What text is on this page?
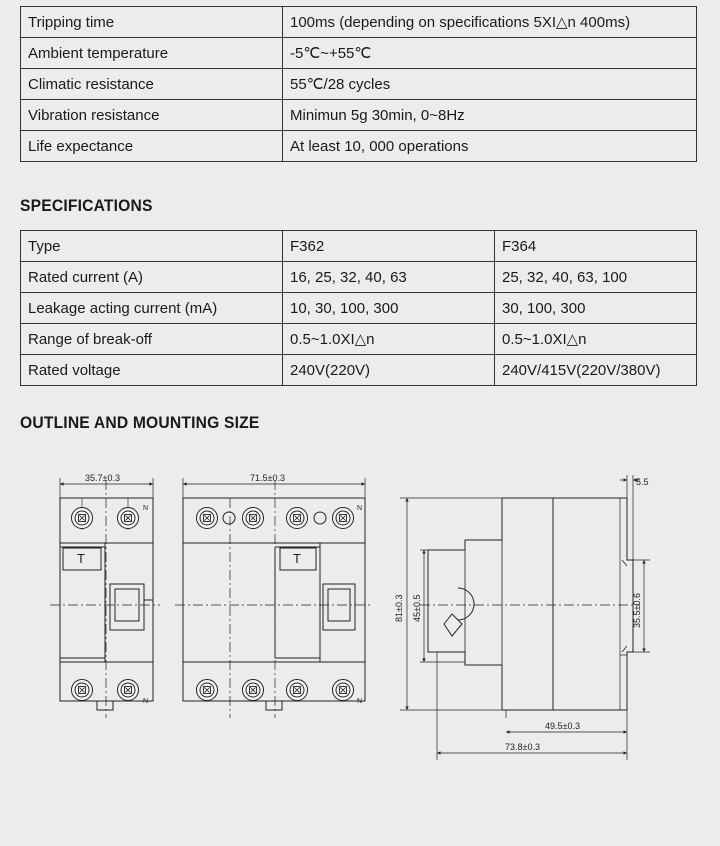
Tripping time	100ms (depending on specifications 5XI△n 400ms)
Ambient temperature	-5℃~+55℃
Climatic resistance	55℃/28 cycles
Vibration resistance	Minimun 5g 30min, 0~8Hz
Life expectance	At least 10, 000 operations
SPECIFICATIONS
Type	F362	F364
Rated current (A)	16, 25, 32, 40, 63	25, 32, 40, 63, 100
Leakage acting current (mA)	10, 30, 100, 300	30, 100, 300
Range of break-off	0.5~1.0XI△n	0.5~1.0XI△n
Rated voltage	240V(220V)	240V/415V(220V/380V)
OUTLINE AND MOUNTING SIZE
T
N
N
35.7±0.3
T
N
N
71.5±0.3
81±0.3 45±0.5
5.5
35.5±0.6
49.5±0.3
73.8±0.3
